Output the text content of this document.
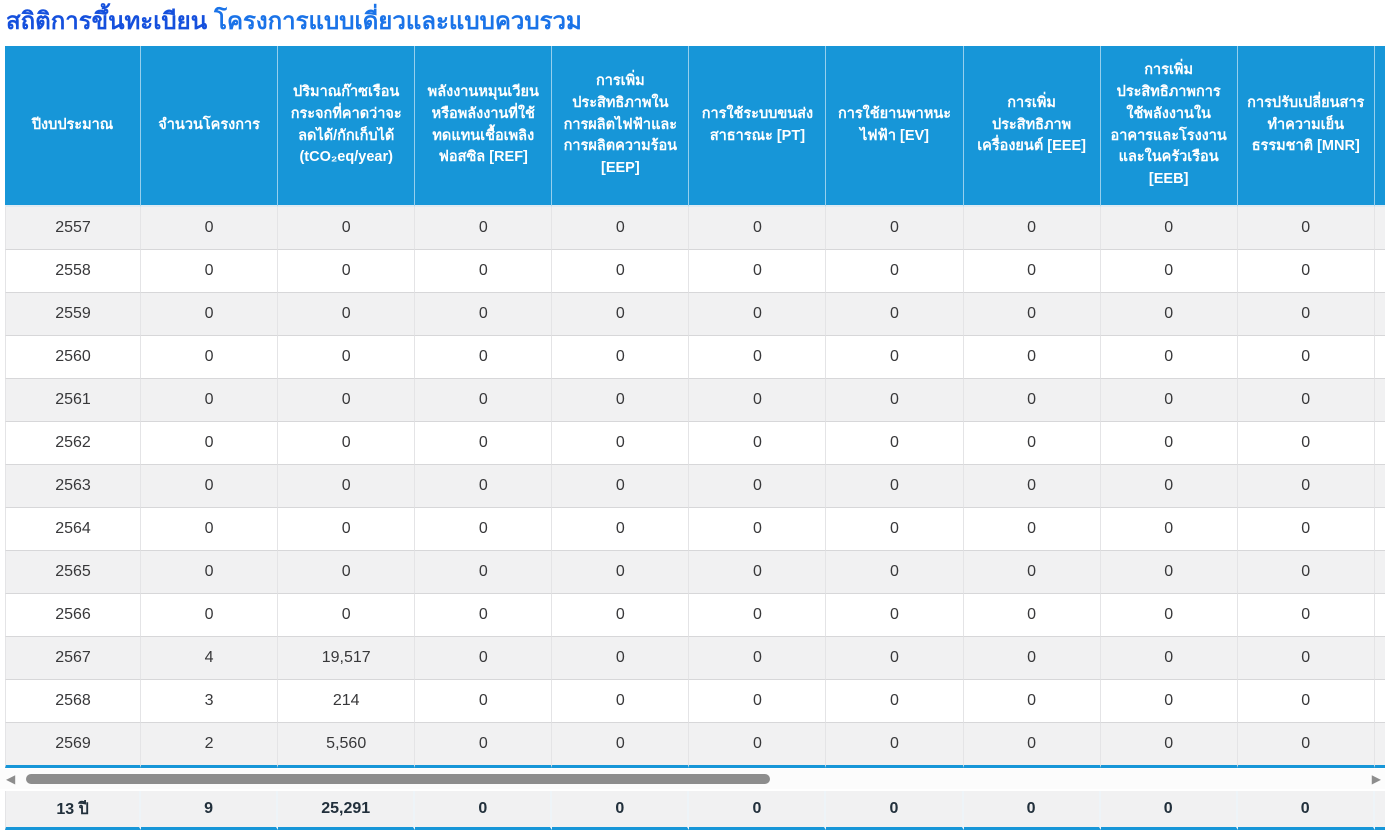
สถิติการขึ้นทะเบียน โครงการแบบเดี่ยวและแบบควบรวม
ปีงบประมาณ	จำนวนโครงการ	ปริมาณก๊าซเรือนกระจกที่คาดว่าจะลดได้/กักเก็บได้ (tCO₂eq/year)	พลังงานหมุนเวียนหรือพลังงานที่ใช้ทดแทนเชื้อเพลิงฟอสซิล [REF]	การเพิ่มประสิทธิภาพในการผลิตไฟฟ้าและการผลิตความร้อน [EEP]	การใช้ระบบขนส่งสาธารณะ [PT]	การใช้ยานพาหนะไฟฟ้า [EV]	การเพิ่มประสิทธิภาพเครื่องยนต์ [EEE]	การเพิ่มประสิทธิภาพการใช้พลังงานในอาคารและโรงงานและในครัวเรือน [EEB]	การปรับเปลี่ยนสารทำความเย็นธรรมชาติ [MNR]	
2557	0	0	0	0	0	0	0	0	0	
2558	0	0	0	0	0	0	0	0	0	
2559	0	0	0	0	0	0	0	0	0	
2560	0	0	0	0	0	0	0	0	0	
2561	0	0	0	0	0	0	0	0	0	
2562	0	0	0	0	0	0	0	0	0	
2563	0	0	0	0	0	0	0	0	0	
2564	0	0	0	0	0	0	0	0	0	
2565	0	0	0	0	0	0	0	0	0	
2566	0	0	0	0	0	0	0	0	0	
2567	4	19,517	0	0	0	0	0	0	0	
2568	3	214	0	0	0	0	0	0	0	
2569	2	5,560	0	0	0	0	0	0	0	
◀	▶
13 ปี	9	25,291	0	0	0	0	0	0	0	
